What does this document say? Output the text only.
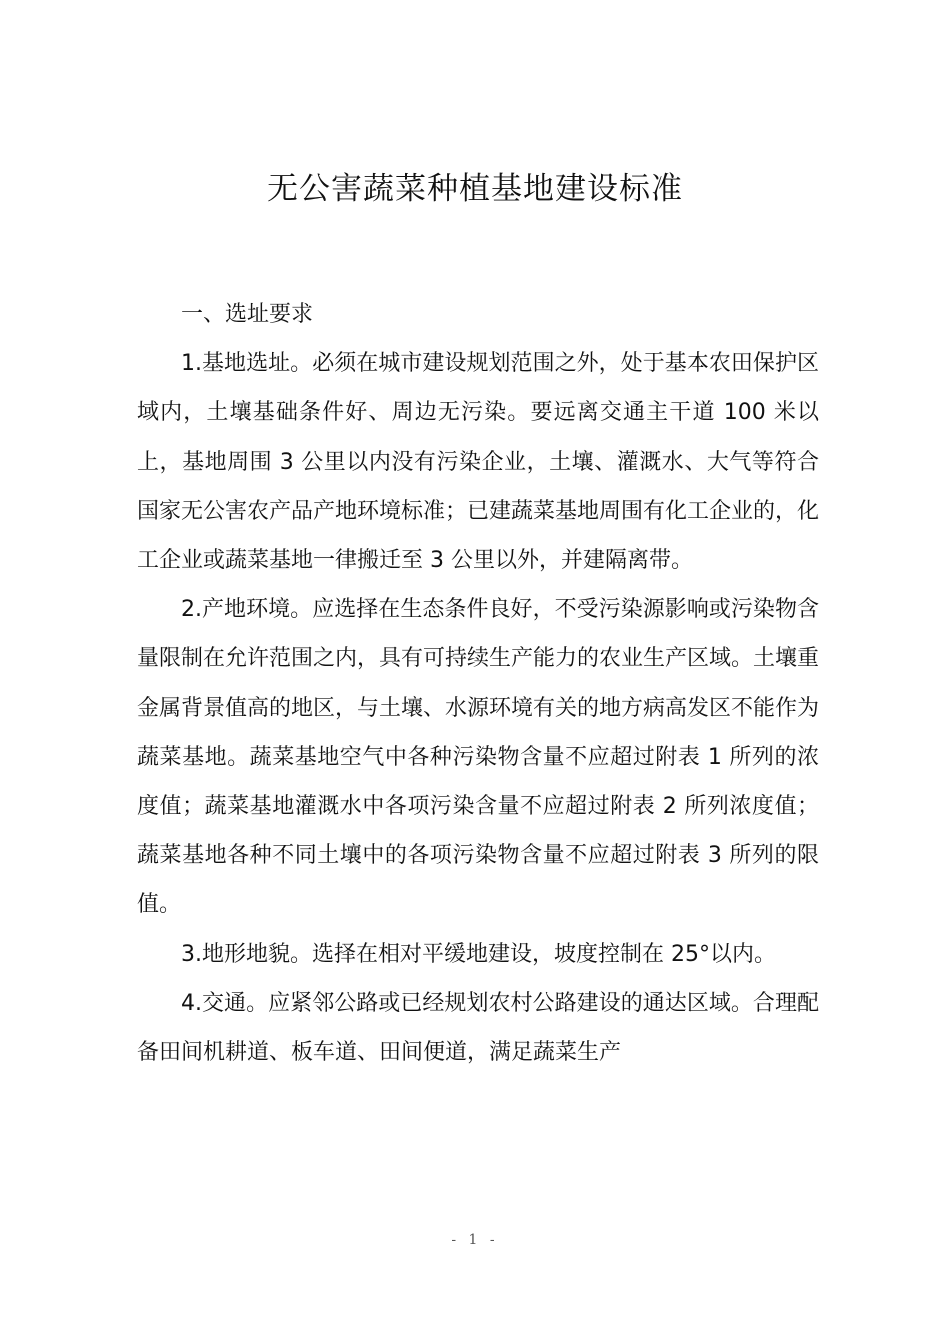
无公害蔬菜种植基地建设标准
一、选址要求

1.基地选址。必须在城市建设规划范围之外，处于基本农田保护区域内，土壤基础条件好、周边无污染。要远离交通主干道 100 米以上，基地周围 3 公里以内没有污染企业，土壤、灌溉水、大气等符合国家无公害农产品产地环境标准；已建蔬菜基地周围有化工企业的，化工企业或蔬菜基地一律搬迁至 3 公里以外，并建隔离带。

2.产地环境。应选择在生态条件良好，不受污染源影响或污染物含量限制在允许范围之内，具有可持续生产能力的农业生产区域。土壤重金属背景值高的地区，与土壤、水源环境有关的地方病高发区不能作为蔬菜基地。蔬菜基地空气中各种污染物含量不应超过附表 1 所列的浓度值；蔬菜基地灌溉水中各项污染含量不应超过附表 2 所列浓度值；蔬菜基地各种不同土壤中的各项污染物含量不应超过附表 3 所列的限值。

3.地形地貌。选择在相对平缓地建设，坡度控制在 25°以内。

4.交通。应紧邻公路或已经规划农村公路建设的通达区域。合理配备田间机耕道、板车道、田间便道，满足蔬菜生产

- 1 -
